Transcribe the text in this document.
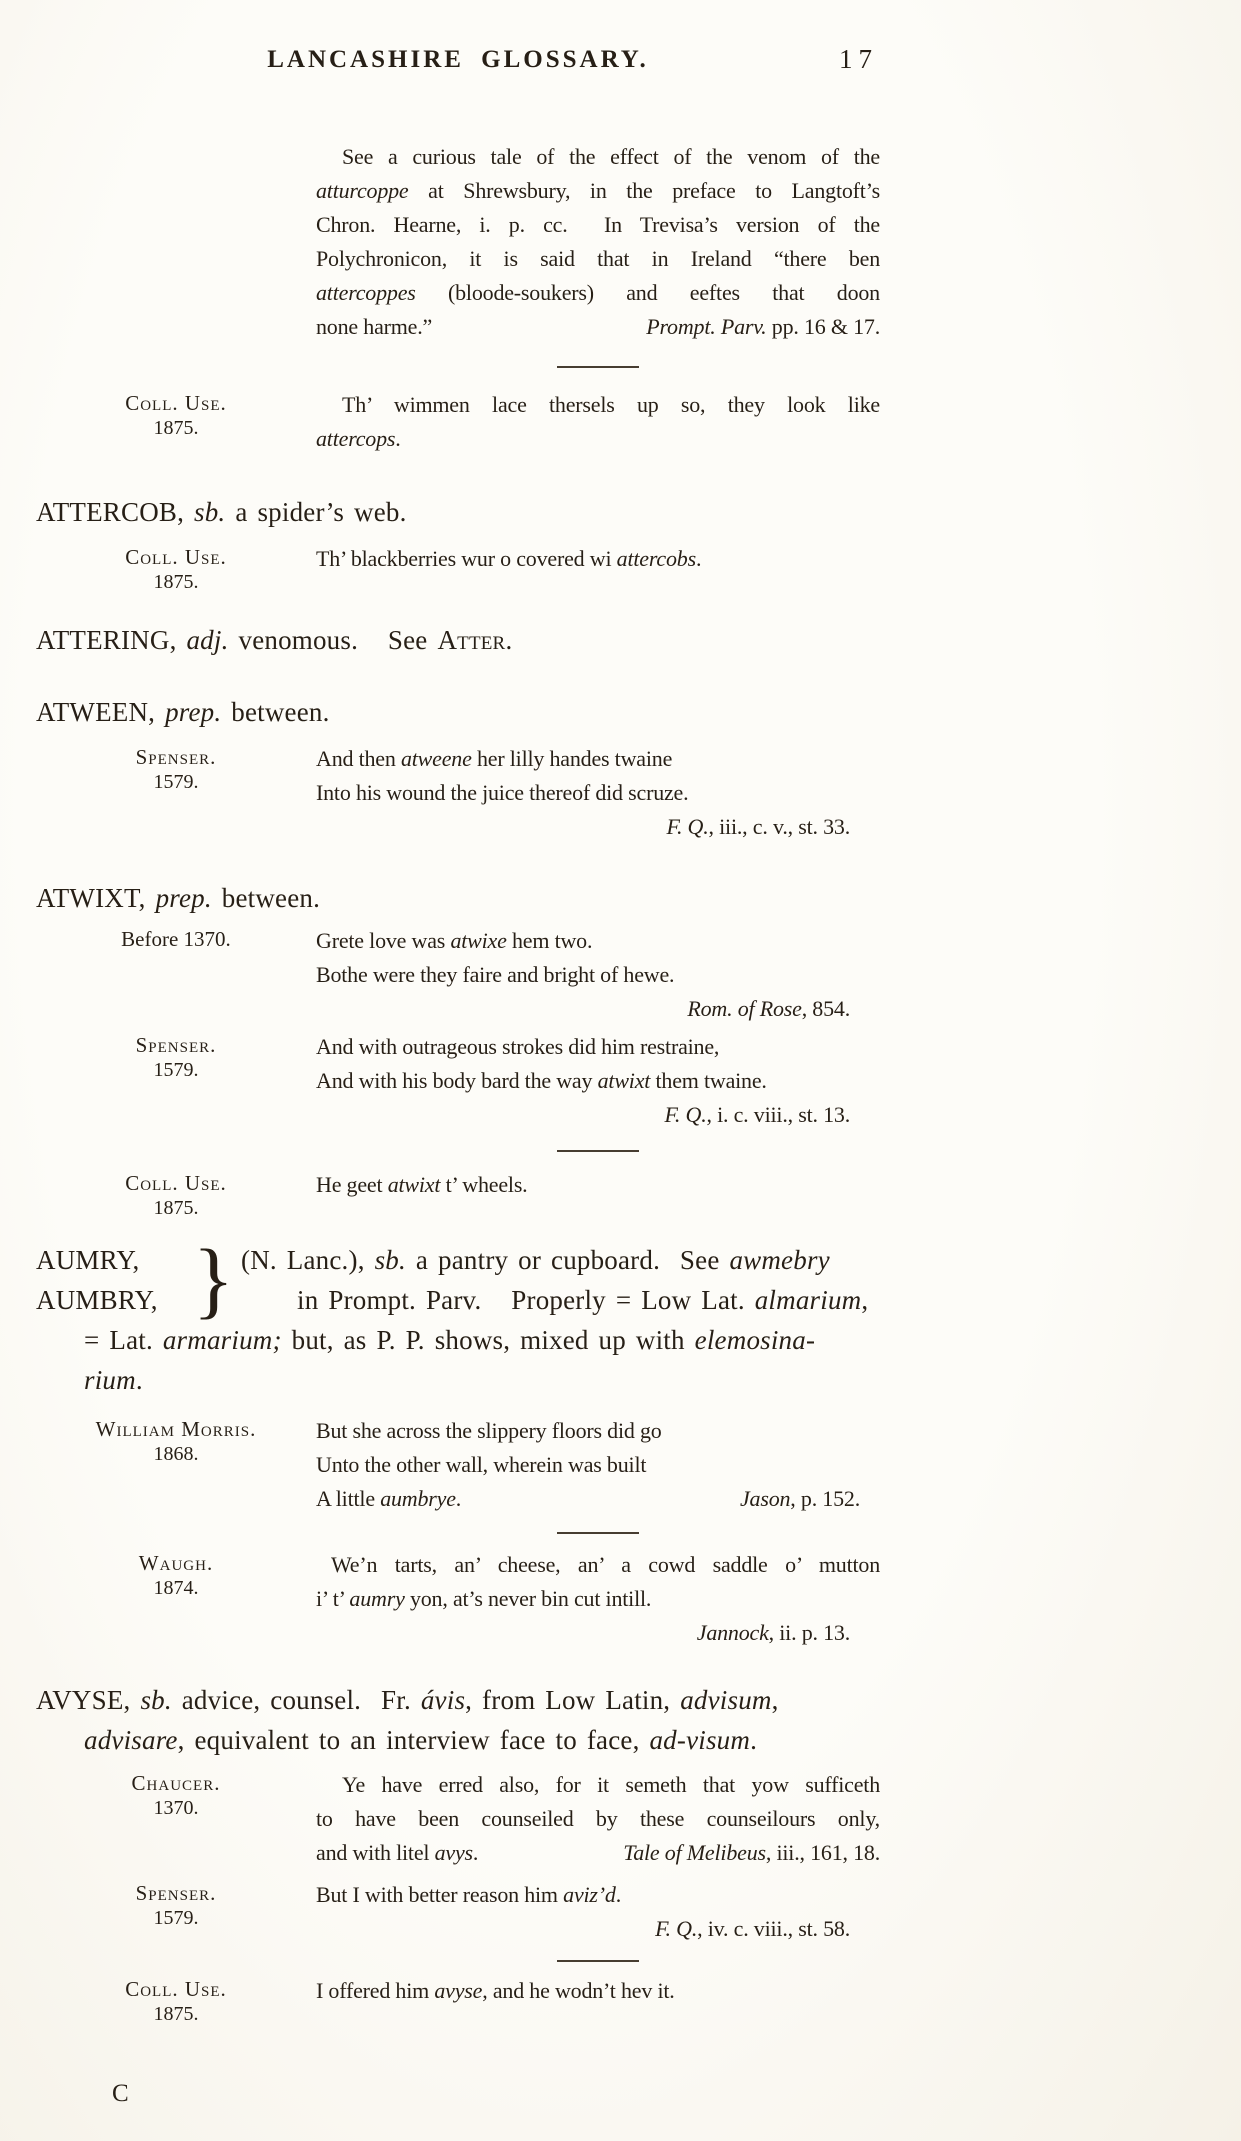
LANCASHIRE GLOSSARY.	17
See a curious tale of the effect of the venom of the
atturcoppe at Shrewsbury, in the preface to Langtoft’s
Chron. Hearne, i. p. cc.  In Trevisa’s version of the
Polychronicon, it is said that in Ireland “there ben
attercoppes (bloode-soukers) and eeftes that doon
none harme.”	Prompt. Parv. pp. 16 & 17.
Coll. Use.
1875.
Th’ wimmen lace thersels up so, they look like
attercops.
ATTERCOB, sb. a spider’s web.
Coll. Use.
1875.
Th’ blackberries wur o covered wi attercobs.
ATTERING, adj. venomous.   See Atter.
ATWEEN, prep. between.
Spenser.
1579.
And then atweene her lilly handes twaine
Into his wound the juice thereof did scruze.
F. Q., iii., c. v., st. 33.
ATWIXT, prep. between.
Before 1370.	Grete love was atwixe hem two.
Bothe were they faire and bright of hewe.
Rom. of Rose, 854.
Spenser.
1579.
And with outrageous strokes did him restraine,
And with his body bard the way atwixt them twaine.
F. Q., i. c. viii., st. 13.
Coll. Use.
1875.
He geet atwixt t’ wheels.
AUMRY,
AUMBRY, } (N. Lanc.), sb. a pantry or cupboard.  See awmebry
in Prompt. Parv.   Properly = Low Lat. almarium,
= Lat. armarium; but, as P. P. shows, mixed up with elemosina-
rium.
William Morris.
1868.
But she across the slippery floors did go
Unto the other wall, wherein was built
A little aumbrye.	Jason, p. 152.
Waugh.
1874.
We’n tarts, an’ cheese, an’ a cowd saddle o’ mutton
i’ t’ aumry yon, at’s never bin cut intill.
Jannock, ii. p. 13.
AVYSE, sb. advice, counsel.  Fr. ávis, from Low Latin, advisum,
advisare, equivalent to an interview face to face, ad-visum.
Chaucer.
1370.
Ye have erred also, for it semeth that yow sufficeth
to have been counseiled by these counseilours only,
and with litel avys.	Tale of Melibeus, iii., 161, 18.
Spenser.
1579.
But I with better reason him aviz’d.
F. Q., iv. c. viii., st. 58.
Coll. Use.
1875.
I offered him avyse, and he wodn’t hev it.
C
